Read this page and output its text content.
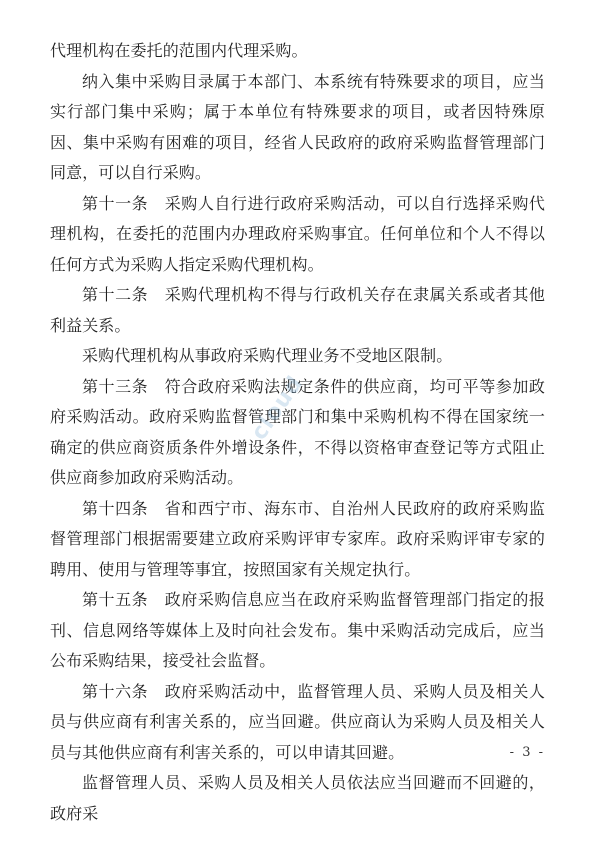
代理机构在委托的范围内代理采购。

纳入集中采购目录属于本部门、本系统有特殊要求的项目，应当实行部门集中采购；属于本单位有特殊要求的项目，或者因特殊原因、集中采购有困难的项目，经省人民政府的政府采购监督管理部门同意，可以自行采购。

第十一条　采购人自行进行政府采购活动，可以自行选择采购代理机构，在委托的范围内办理政府采购事宜。任何单位和个人不得以任何方式为采购人指定采购代理机构。

第十二条　采购代理机构不得与行政机关存在隶属关系或者其他利益关系。

采购代理机构从事政府采购代理业务不受地区限制。

第十三条　符合政府采购法规定条件的供应商，均可平等参加政府采购活动。政府采购监督管理部门和集中采购机构不得在国家统一确定的供应商资质条件外增设条件，不得以资格审查登记等方式阻止供应商参加政府采购活动。

第十四条　省和西宁市、海东市、自治州人民政府的政府采购监督管理部门根据需要建立政府采购评审专家库。政府采购评审专家的聘用、使用与管理等事宜，按照国家有关规定执行。

第十五条　政府采购信息应当在政府采购监督管理部门指定的报刊、信息网络等媒体上及时向社会发布。集中采购活动完成后，应当公布采购结果，接受社会监督。

第十六条　政府采购活动中，监督管理人员、采购人员及相关人员与供应商有利害关系的，应当回避。供应商认为采购人员及相关人员与其他供应商有利害关系的，可以申请其回避。

监督管理人员、采购人员及相关人员依法应当回避而不回避的，政府采

cloud
- 3 -
